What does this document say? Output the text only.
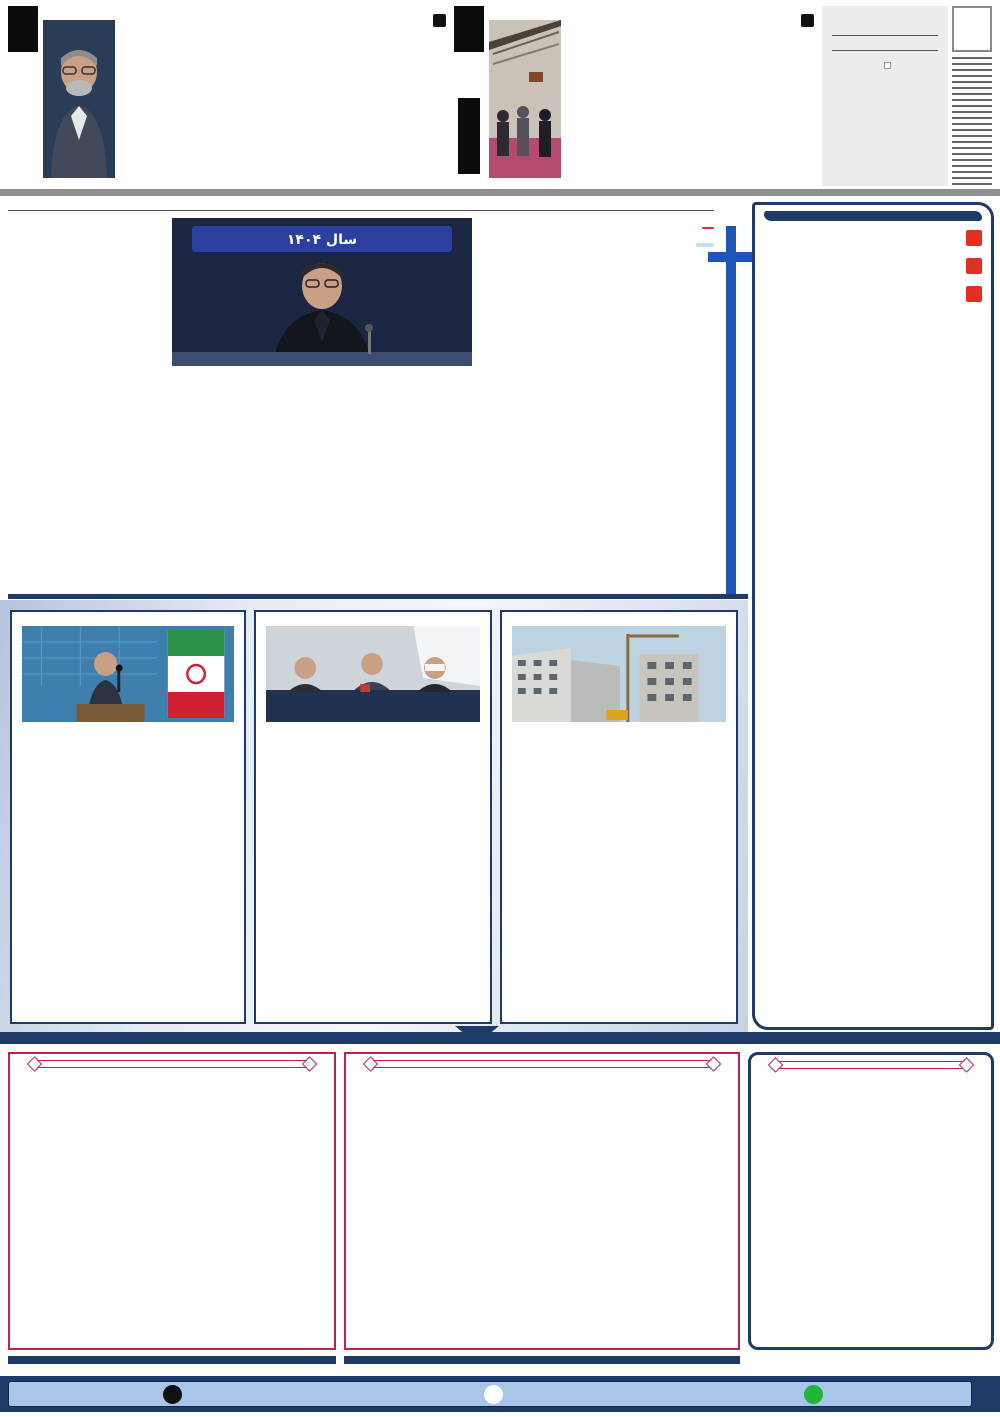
سال ۱۴۰۴
